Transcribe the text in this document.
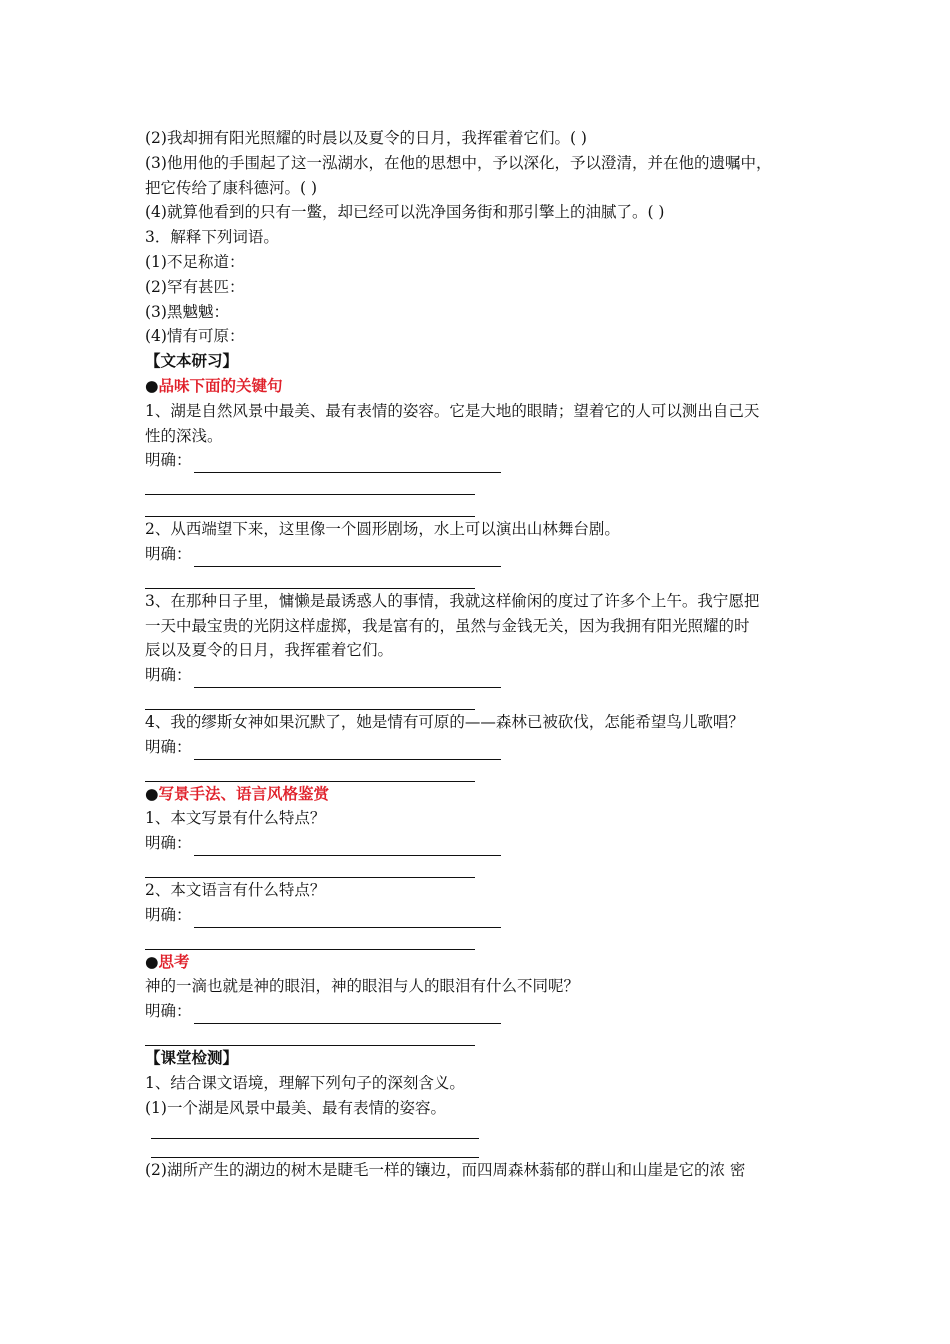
(2)我却拥有阳光照耀的时晨以及夏令的日月，我挥霍着它们。( )
(3)他用他的手围起了这一泓湖水，在他的思想中，予以深化，予以澄清，并在他的遗嘱中，
把它传给了康科德河。( )
(4)就算他看到的只有一鳖，却已经可以洗净国务街和那引擎上的油腻了。( )
3．解释下列词语。
(1)不足称道：
(2)罕有甚匹：
(3)黑魆魆：
(4)情有可原：
【文本研习】
●品味下面的关键句
1、湖是自然风景中最美、最有表情的姿容。它是大地的眼睛；望着它的人可以测出自己天
性的深浅。
明确：
2、从西端望下来，这里像一个圆形剧场，水上可以演出山林舞台剧。
明确：
3、在那种日子里，慵懒是最诱惑人的事情，我就这样偷闲的度过了许多个上午。我宁愿把
一天中最宝贵的光阴这样虚掷，我是富有的，虽然与金钱无关，因为我拥有阳光照耀的时
辰以及夏令的日月，我挥霍着它们。
明确：
4、我的缪斯女神如果沉默了，她是情有可原的——森林已被砍伐，怎能希望鸟儿歌唱？
明确：
●写景手法、语言风格鉴赏
1、本文写景有什么特点？
明确：
2、本文语言有什么特点？
明确：
●思考
神的一滴也就是神的眼泪，神的眼泪与人的眼泪有什么不同呢？
明确：
【课堂检测】
1、结合课文语境，理解下列句子的深刻含义。
(1)一个湖是风景中最美、最有表情的姿容。
(2)湖所产生的湖边的树木是睫毛一样的镶边，而四周森林蓊郁的群山和山崖是它的浓 密
